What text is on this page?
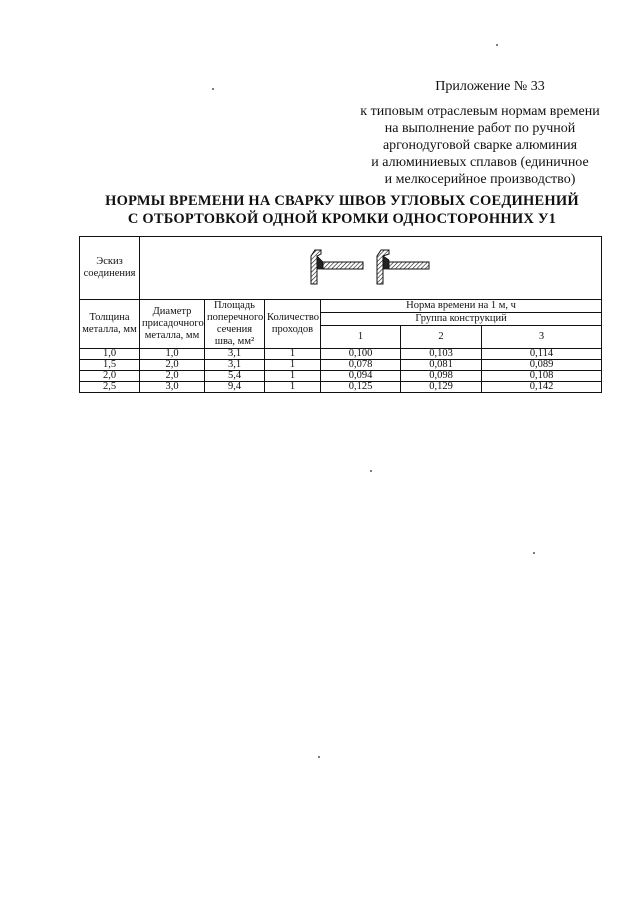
Приложение № 33
к типовым отраслевым нормам времени
на выполнение работ по ручной
аргонодуговой сварке алюминия
и алюминиевых сплавов (единичное
и мелкосерийное производство)
НОРМЫ ВРЕМЕНИ НА СВАРКУ ШВОВ УГЛОВЫХ СОЕДИНЕНИЙ
С ОТБОРТОВКОЙ ОДНОЙ КРОМКИ ОДНОСТОРОННИХ У1
Эскиз соединения	
Толщина металла, мм	Диаметр присадочного металла, мм	Площадь поперечного сечения шва, мм²	Количество проходов	Норма времени на 1 м, ч		
				Группа конструкций		
				1	2	3
1,0	1,0	3,1	1	0,100	0,103	0,114
1,5	2,0	3,1	1	0,078	0,081	0,089
2,0	2,0	5,4	1	0,094	0,098	0,108
2,5	3,0	9,4	1	0,125	0,129	0,142
